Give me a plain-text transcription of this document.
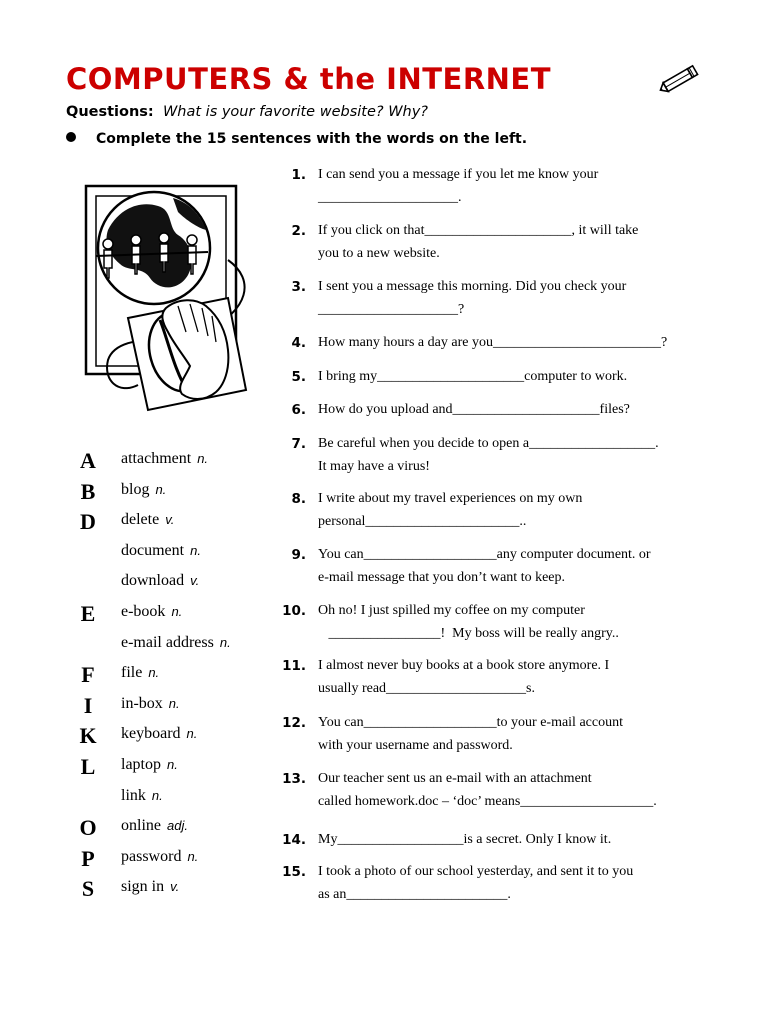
COMPUTERS & the INTERNET
Questions: What is your favorite website? Why?
Complete the 15 sentences with the words on the left.
A attachment n.
B blog n.
D delete v.
document n.
download v.
E e-book n.
e-mail address n.
F	file n.
I	in-box n.
K keyboard n.
L laptop n.
link n.
O online adj.
P	password n.
S	sign in v.
1. I can send you a message if you let me know your
____________________.
2. If you click on that_____________________, it will take
you to a new website.
3. I sent you a message this morning. Did you check your
____________________?
4. How many hours a day are you________________________?
5. I bring my_____________________computer to work.
6. How do you upload and_____________________files?
7. Be careful when you decide to open a__________________.
It may have a virus!
8. I write about my travel experiences on my own
personal______________________..
9. You can___________________any computer document. or
e-mail message that you don’t want to keep.
10. Oh no! I just spilled my coffee on my computer
________________!  My boss will be really angry..
11. I almost never buy books at a book store anymore. I
usually read____________________s.
12. You can___________________to your e-mail account
with your username and password.
13. Our teacher sent us an e-mail with an attachment
called homework.doc – ‘doc’ means___________________.
14. My__________________is a secret. Only I know it.
15. I took a photo of our school yesterday, and sent it to you
as an_______________________.
